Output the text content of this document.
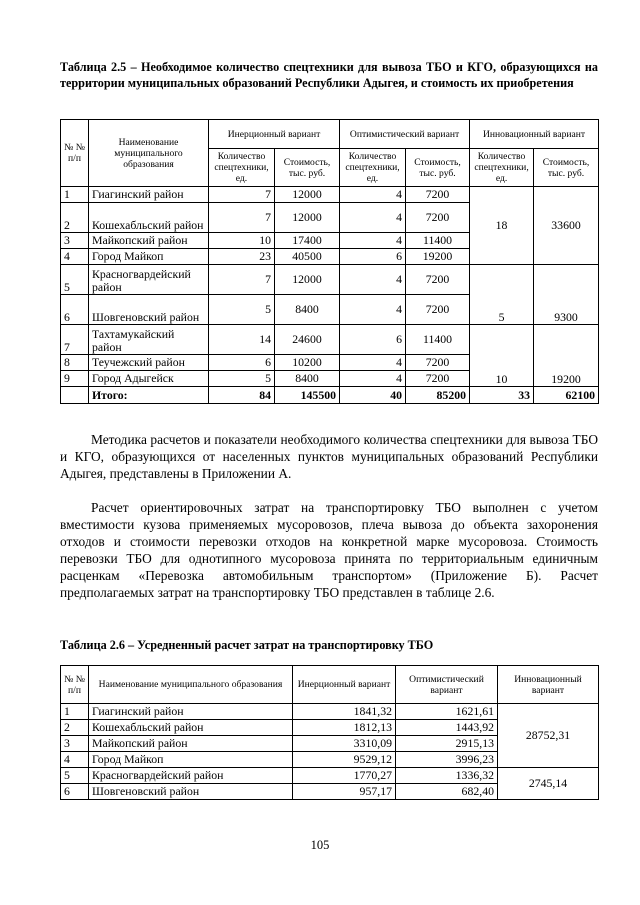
Таблица 2.5 – Необходимое количество спецтехники для вывоза ТБО и КГО, образующихся на территории муниципальных образований Республики Адыгея, и стоимость их приобретения
№ № п/п	Наименование муниципального образования	Инерционный вариант		Оптимистический вариант		Инновационный вариант	
		Количество спецтехники, ед.	Стоимость, тыс. руб.	Количество спецтехники, ед.	Стоимость, тыс. руб.	Количество спецтехники, ед.	Стоимость, тыс. руб.
1	Гиагинский район	7	12000	4	7200	18	33600
2	Кошехабльский район	7	12000	4	7200		
3	Майкопский район	10	17400	4	11400		
4	Город Майкоп	23	40500	6	19200		
5	Красногвардейский район	7	12000	4	7200	5	9300
6	Шовгеновский район	5	8400	4	7200		
7	Тахтамукайский район	14	24600	6	11400	10	19200
8	Теучежский район	6	10200	4	7200		
9	Город Адыгейск	5	8400	4	7200		
	Итого:	84	145500	40	85200	33	62100
Методика расчетов и показатели необходимого количества спецтехники для вывоза ТБО и КГО, образующихся от населенных пунктов муниципальных образований Республики Адыгея, представлены в Приложении А.
Расчет ориентировочных затрат на транспортировку ТБО выполнен с учетом вместимости кузова применяемых мусоровозов, плеча вывоза до объекта захоронения отходов и стоимости перевозки отходов на конкретной марке мусоровоза. Стоимость перевозки ТБО для однотипного мусоровоза принята по территориальным единичным расценкам «Перевозка автомобильным транспортом» (Приложение Б). Расчет предполагаемых затрат на транспортировку ТБО представлен в таблице 2.6.
Таблица 2.6 – Усредненный расчет затрат на транспортировку ТБО
№ № п/п	Наименование муниципального образования	Инерционный вариант	Оптимистический вариант	Инновационный вариант
1	Гиагинский район	1841,32	1621,61	28752,31
2	Кошехабльский район	1812,13	1443,92	
3	Майкопский район	3310,09	2915,13	
4	Город Майкоп	9529,12	3996,23	
5	Красногвардейский район	1770,27	1336,32	2745,14
6	Шовгеновский район	957,17	682,40	
105
